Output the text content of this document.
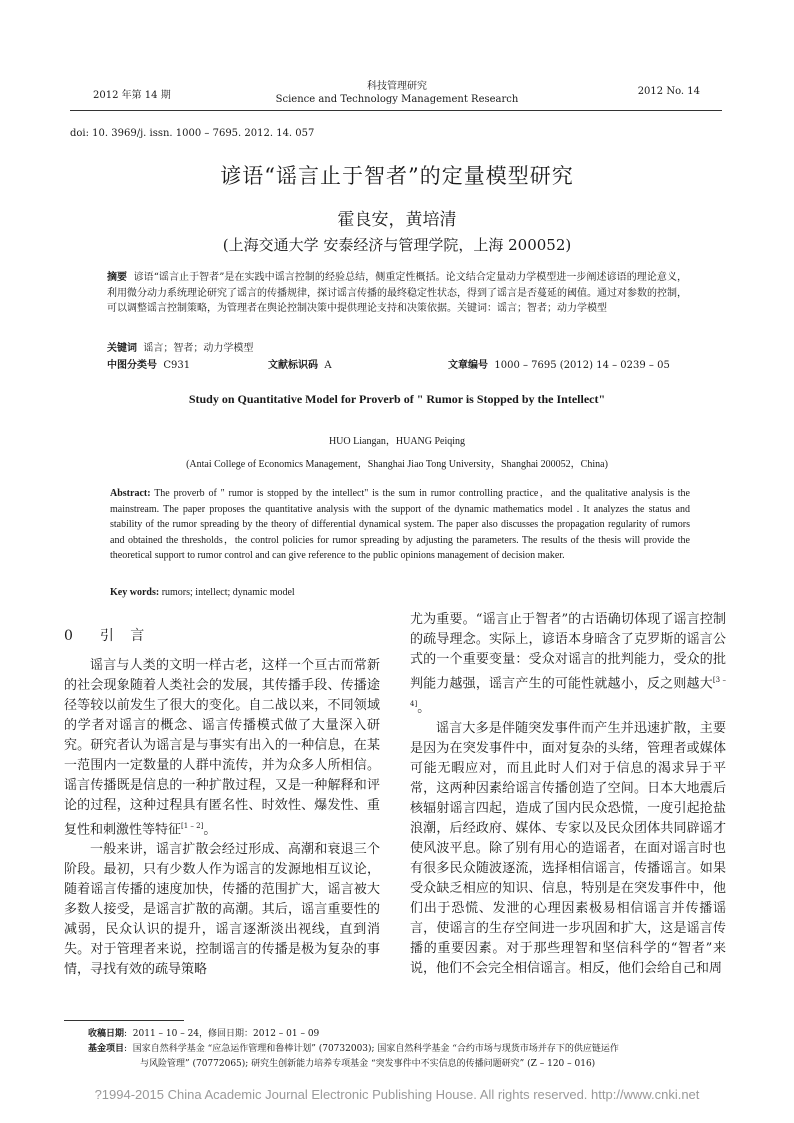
2012 年第 14 期
科技管理研究
Science and Technology Management Research
2012 No. 14
doi: 10. 3969/j. issn. 1000 – 7695. 2012. 14. 057
谚语“谣言止于智者”的定量模型研究
霍良安，黄培清
(上海交通大学 安泰经济与管理学院，上海 200052)
摘要 谚语“谣言止于智者”是在实践中谣言控制的经验总结，侧重定性概括。论文结合定量动力学模型进一步阐述谚语的理论意义，利用微分动力系统理论研究了谣言的传播规律，探讨谣言传播的最终稳定性状态，得到了谣言是否蔓延的阈值。通过对参数的控制，可以调整谣言控制策略，为管理者在舆论控制决策中提供理论支持和决策依据。关键词：谣言；智者；动力学模型
关键词 谣言；智者；动力学模型
中图分类号 C931	文献标识码 A	文章编号 1000 – 7695 (2012) 14 – 0239 – 05
Study on Quantitative Model for Proverb of " Rumor is Stopped by the Intellect"
HUO Liangan，HUANG Peiqing
(Antai College of Economics Management，Shanghai Jiao Tong University，Shanghai 200052，China)
Abstract: The proverb of " rumor is stopped by the intellect" is the sum in rumor controlling practice，and the qualitative analysis is the mainstream. The paper proposes the quantitative analysis with the support of the dynamic mathematics model . It analyzes the status and stability of the rumor spreading by the theory of differential dynamical system. The paper also discusses the propagation regularity of rumors and obtained the thresholds，the control policies for rumor spreading by adjusting the parameters. The results of the thesis will provide the theoretical support to rumor control and can give reference to the public opinions management of decision maker.
Key words: rumors; intellect; dynamic model
0 引 言

谣言与人类的文明一样古老，这样一个亘古而常新的社会现象随着人类社会的发展，其传播手段、传播途径等较以前发生了很大的变化。自二战以来，不同领域的学者对谣言的概念、谣言传播模式做了大量深入研究。研究者认为谣言是与事实有出入的一种信息，在某一范围内一定数量的人群中流传，并为众多人所相信。谣言传播既是信息的一种扩散过程，又是一种解释和评论的过程，这种过程具有匿名性、时效性、爆发性、重复性和刺激性等特征[1 – 2]。

一般来讲，谣言扩散会经过形成、高潮和衰退三个阶段。最初，只有少数人作为谣言的发源地相互议论，随着谣言传播的速度加快，传播的范围扩大，谣言被大多数人接受，是谣言扩散的高潮。其后，谣言重要性的减弱，民众认识的提升，谣言逐渐淡出视线，直到消失。对于管理者来说，控制谣言的传播是极为复杂的事情，寻找有效的疏导策略

尤为重要。“谣言止于智者”的古语确切体现了谣言控制的疏导理念。实际上，谚语本身暗含了克罗斯的谣言公式的一个重要变量：受众对谣言的批判能力，受众的批判能力越强，谣言产生的可能性就越小，反之则越大[3 – 4]。

谣言大多是伴随突发事件而产生并迅速扩散，主要是因为在突发事件中，面对复杂的头绪，管理者或媒体可能无暇应对，而且此时人们对于信息的渴求异于平常，这两种因素给谣言传播创造了空间。日本大地震后核辐射谣言四起，造成了国内民众恐慌，一度引起抢盐浪潮，后经政府、媒体、专家以及民众团体共同辟谣才使风波平息。除了别有用心的造谣者，在面对谣言时也有很多民众随波逐流，选择相信谣言，传播谣言。如果受众缺乏相应的知识、信息，特别是在突发事件中，他们出于恐慌、发泄的心理因素极易相信谣言并传播谣言，使谣言的生存空间进一步巩固和扩大，这是谣言传播的重要因素。对于那些理智和坚信科学的“智者”来说，他们不会完全相信谣言。相反，他们会给自己和周

收稿日期:  2011 – 10 – 24，修回日期：2012 – 01 – 09
基金项目:  国家自然科学基金 “应急运作管理和鲁棒计划” (70732003); 国家自然科学基金 “合约市场与现货市场并存下的供应链运作
与风险管理” (70772065); 研究生创新能力培养专项基金 “突发事件中不实信息的传播问题研究” (Z – 120 – 016)
?1994-2015 China Academic Journal Electronic Publishing House. All rights reserved. http://www.cnki.net
